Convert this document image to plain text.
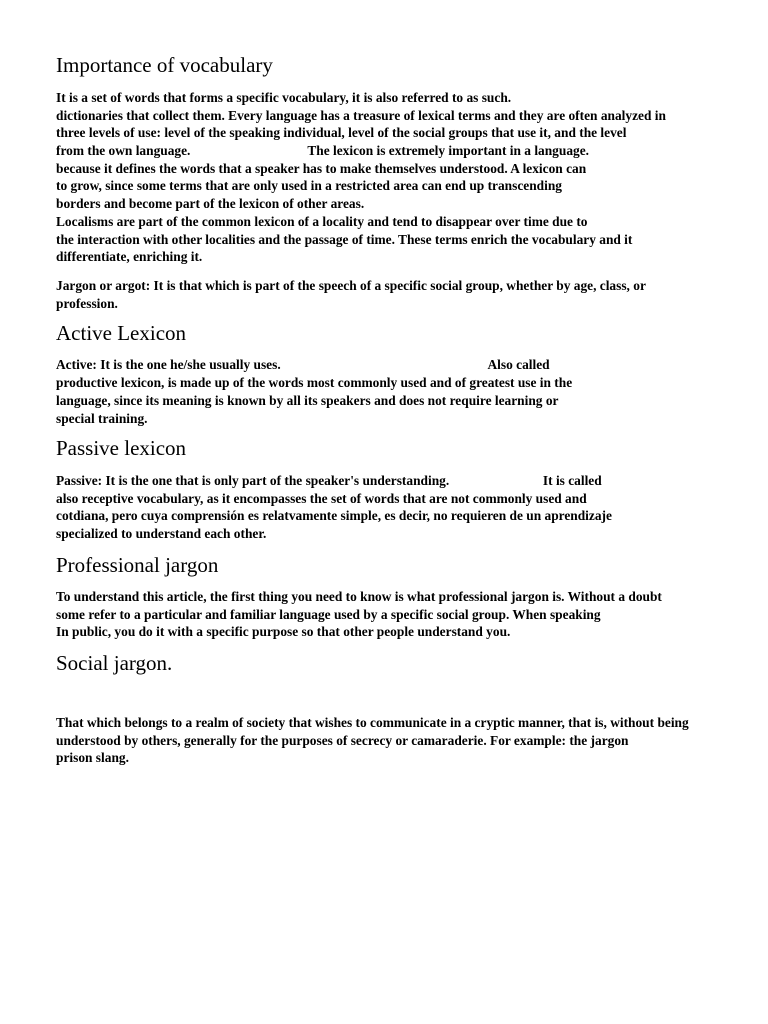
Importance of vocabulary
It is a set of words that forms a specific vocabulary, it is also referred to as such.
dictionaries that collect them. Every language has a treasure of lexical terms and they are often analyzed in
three levels of use: level of the speaking individual, level of the social groups that use it, and the level
from the own language.                                   The lexicon is extremely important in a language.
because it defines the words that a speaker has to make themselves understood. A lexicon can
to grow, since some terms that are only used in a restricted area can end up transcending
borders and become part of the lexicon of other areas.
Localisms are part of the common lexicon of a locality and tend to disappear over time due to
the interaction with other localities and the passage of time. These terms enrich the vocabulary and it
differentiate, enriching it.
Jargon or argot: It is that which is part of the speech of a specific social group, whether by age, class, or
profession.
Active Lexicon
Active: It is the one he/she usually uses.                                                              Also called
productive lexicon, is made up of the words most commonly used and of greatest use in the
language, since its meaning is known by all its speakers and does not require learning or
special training.
Passive lexicon
Passive: It is the one that is only part of the speaker's understanding.                            It is called
also receptive vocabulary, as it encompasses the set of words that are not commonly used and
cotdiana, pero cuya comprensión es relatvamente simple, es decir, no requieren de un aprendizaje
specialized to understand each other.
Professional jargon
To understand this article, the first thing you need to know is what professional jargon is. Without a doubt
some refer to a particular and familiar language used by a specific social group. When speaking
In public, you do it with a specific purpose so that other people understand you.
Social jargon.
That which belongs to a realm of society that wishes to communicate in a cryptic manner, that is, without being
understood by others, generally for the purposes of secrecy or camaraderie. For example: the jargon
prison slang.
